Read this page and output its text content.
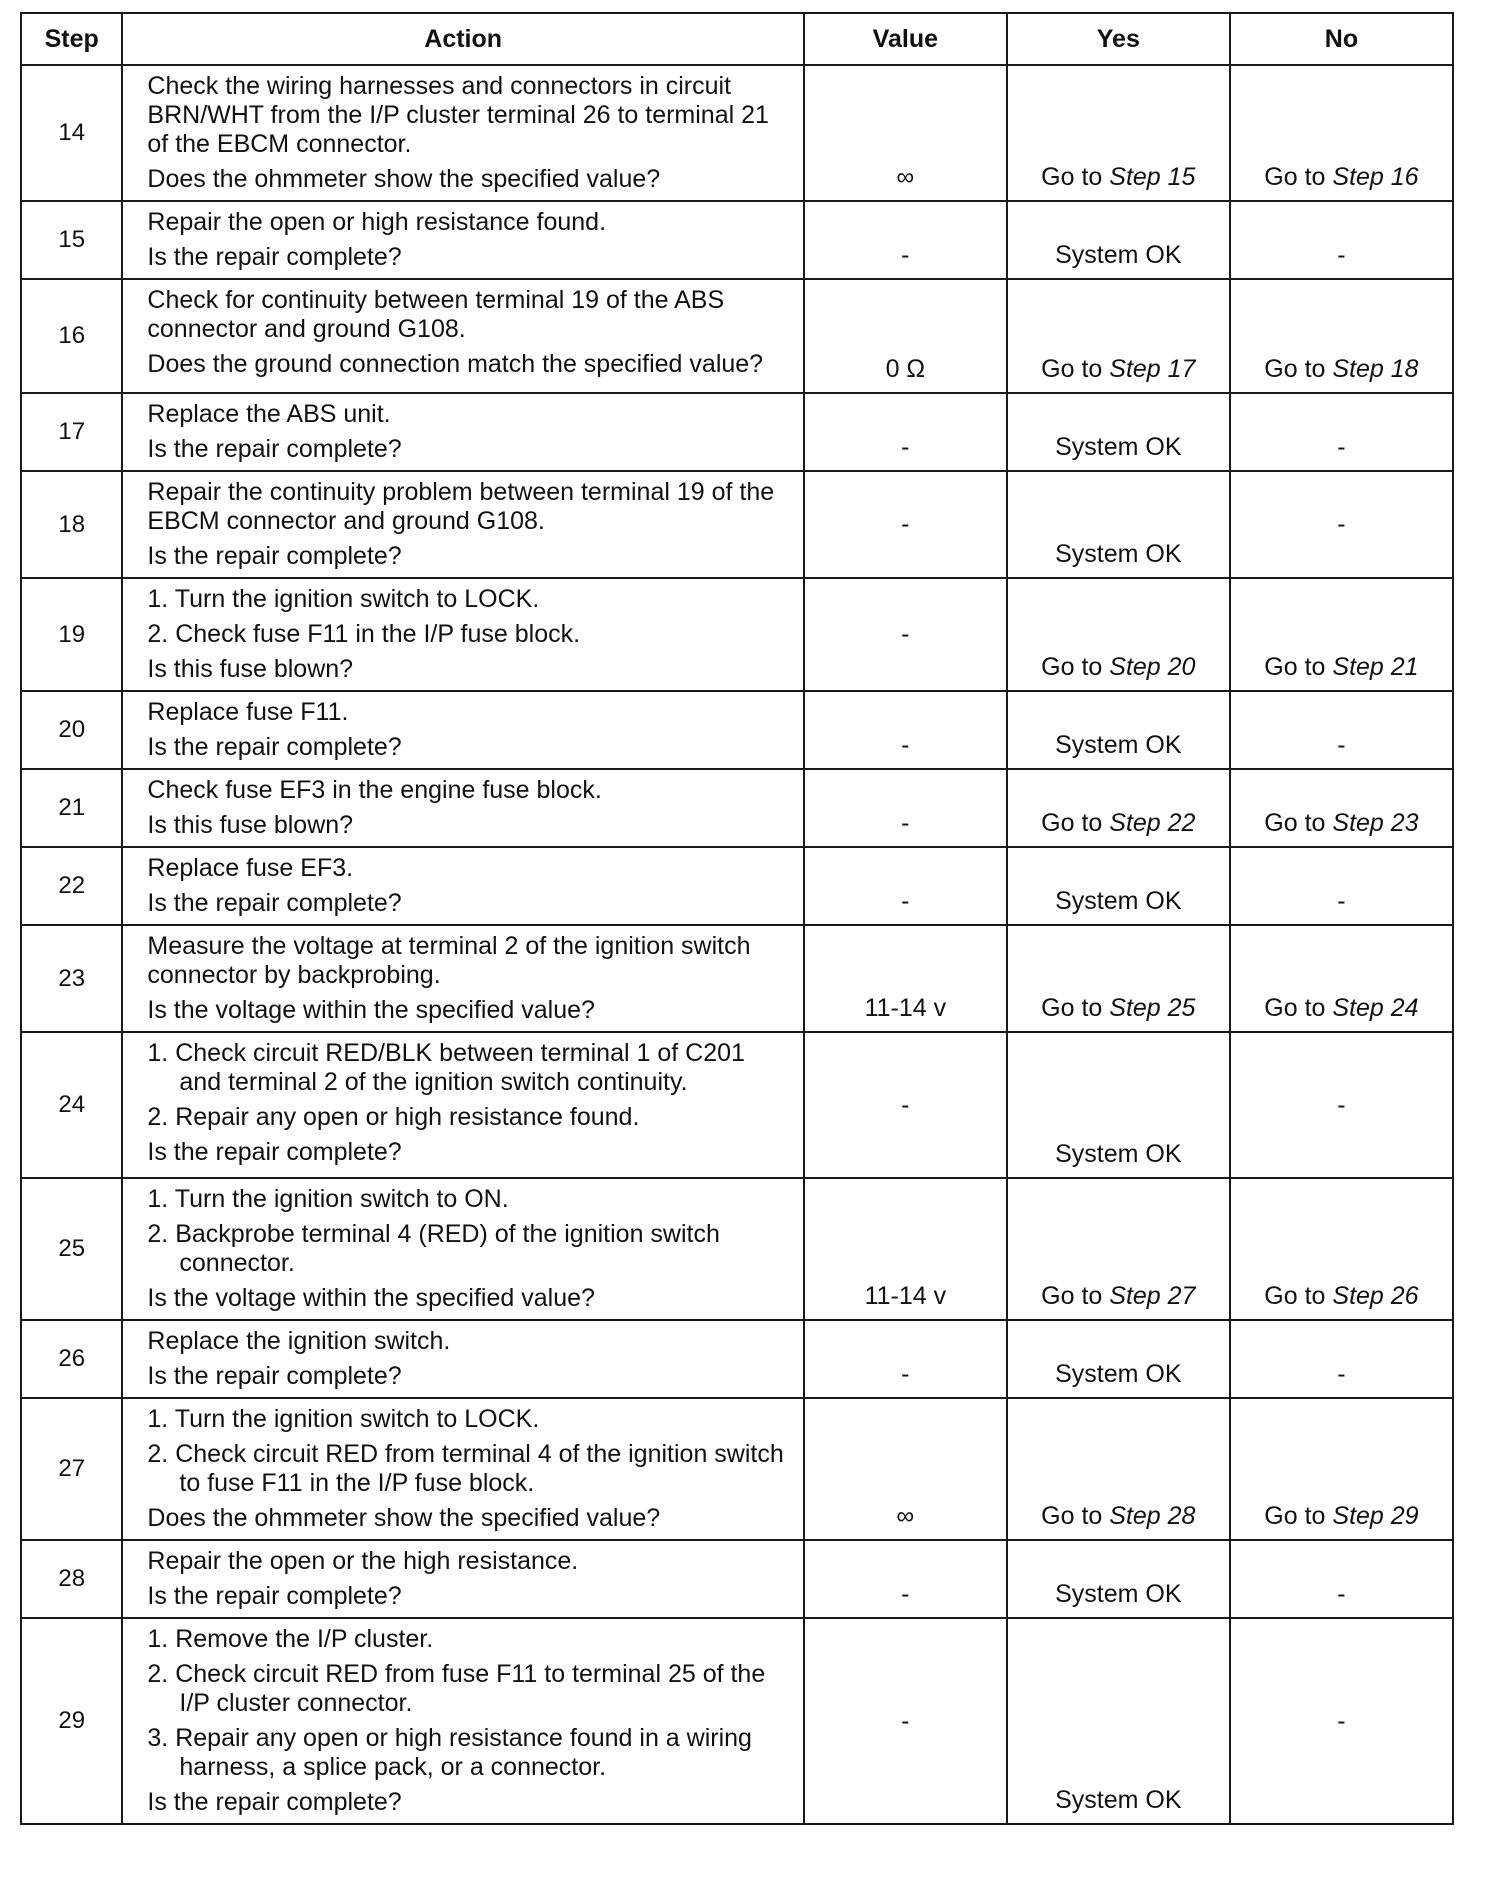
Step	Action	Value	Yes	No
14	Check the wiring harnesses and connectors in circuit BRN/WHT from the I/P cluster terminal 26 to terminal 21 of the EBCM connector.
Does the ohmmeter show the specified value?	∞	Go to Step 15	Go to Step 16
15	Repair the open or high resistance found.
Is the repair complete?	-	System OK	-
16	Check for continuity between terminal 19 of the ABS connector and ground G108.
Does the ground connection match the specified value?	0 Ω	Go to Step 17	Go to Step 18
17	Replace the ABS unit.
Is the repair complete?	-	System OK	-
18	Repair the continuity problem between terminal 19 of the EBCM connector and ground G108.
Is the repair complete?	-	System OK	-
19	1. Turn the ignition switch to LOCK.
2. Check fuse F11 in the I/P fuse block.
Is this fuse blown?	-	Go to Step 20	Go to Step 21
20	Replace fuse F11.
Is the repair complete?	-	System OK	-
21	Check fuse EF3 in the engine fuse block.
Is this fuse blown?	-	Go to Step 22	Go to Step 23
22	Replace fuse EF3.
Is the repair complete?	-	System OK	-
23	Measure the voltage at terminal 2 of the ignition switch connector by backprobing.
Is the voltage within the specified value?	11-14 v	Go to Step 25	Go to Step 24
24	1. Check circuit RED/BLK between terminal 1 of C201 and terminal 2 of the ignition switch continuity.
2. Repair any open or high resistance found.
Is the repair complete?	-	System OK	-
25	1. Turn the ignition switch to ON.
2. Backprobe terminal 4 (RED) of the ignition switch connector.
Is the voltage within the specified value?	11-14 v	Go to Step 27	Go to Step 26
26	Replace the ignition switch.
Is the repair complete?	-	System OK	-
27	1. Turn the ignition switch to LOCK.
2. Check circuit RED from terminal 4 of the ignition switch to fuse F11 in the I/P fuse block.
Does the ohmmeter show the specified value?	∞	Go to Step 28	Go to Step 29
28	Repair the open or the high resistance.
Is the repair complete?	-	System OK	-
29	1. Remove the I/P cluster.
2. Check circuit RED from fuse F11 to terminal 25 of the I/P cluster connector.
3. Repair any open or high resistance found in a wiring harness, a splice pack, or a connector.
Is the repair complete?	-	System OK	-
